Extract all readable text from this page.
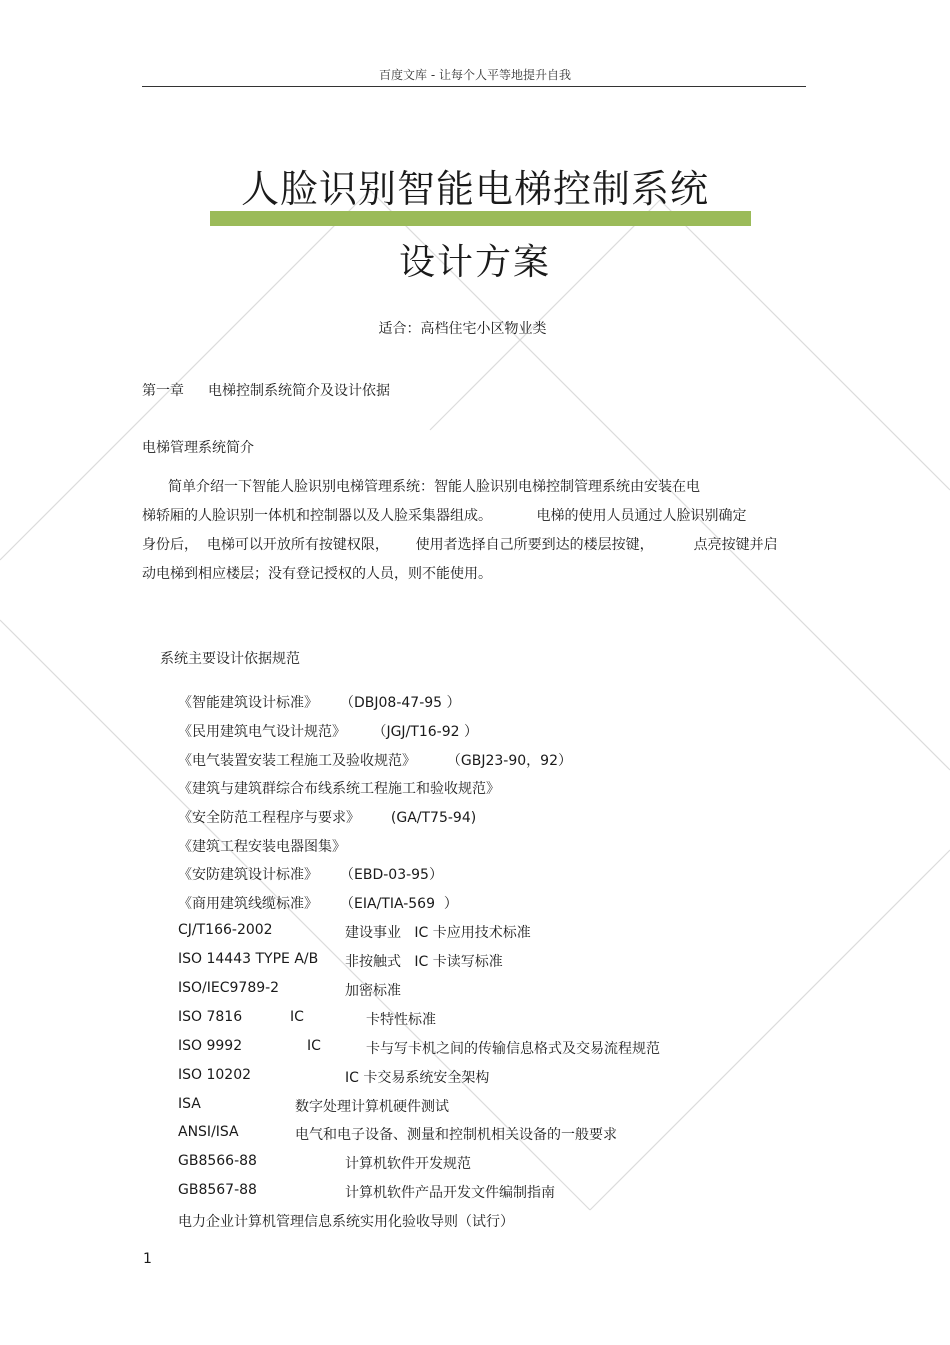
百度文库 - 让每个人平等地提升自我
人脸识别智能电梯控制系统
设计方案
适合：高档住宅小区物业类
第一章 电梯控制系统简介及设计依据
电梯管理系统简介
简单介绍一下智能人脸识别电梯管理系统：智能人脸识别电梯控制管理系统由安装在电
梯轿厢的人脸识别一体机和控制器以及人脸采集器组成。          电梯的使用人员通过人脸识别确定
身份后，  电梯可以开放所有按键权限，      使用者选择自己所要到达的楼层按键，         点亮按键并启
动电梯到相应楼层；没有登记授权的人员，则不能使用。
系统主要设计依据规范
《智能建筑设计标准》 （DBJ08-47-95 ）
《民用建筑电气设计规范》 （JGJ/T16-92 ）
《电气装置安装工程施工及验收规范》  （GBJ23-90，92）
《建筑与建筑群综合布线系统工程施工和验收规范》
《安全防范工程程序与要求》  (GA/T75-94)
《建筑工程安装电器图集》
《安防建筑设计标准》 （EBD-03-95）
《商用建筑线缆标准》 （EIA/TIA-569  ）
CJ/T166-2002	建设事业   IC 卡应用技术标准
ISO 14443 TYPE A/B 非按触式   IC 卡读写标准
ISO/IEC9789-2	加密标准
ISO 7816	IC	卡特性标准
ISO 9992	IC	卡与写卡机之间的传输信息格式及交易流程规范
ISO 10202	IC 卡交易系统安全架构
ISA	数字处理计算机硬件测试
ANSI/ISA	电气和电子设备、测量和控制机相关设备的一般要求
GB8566-88	计算机软件开发规范
GB8567-88	计算机软件产品开发文件编制指南
电力企业计算机管理信息系统实用化验收导则（试行）
1
